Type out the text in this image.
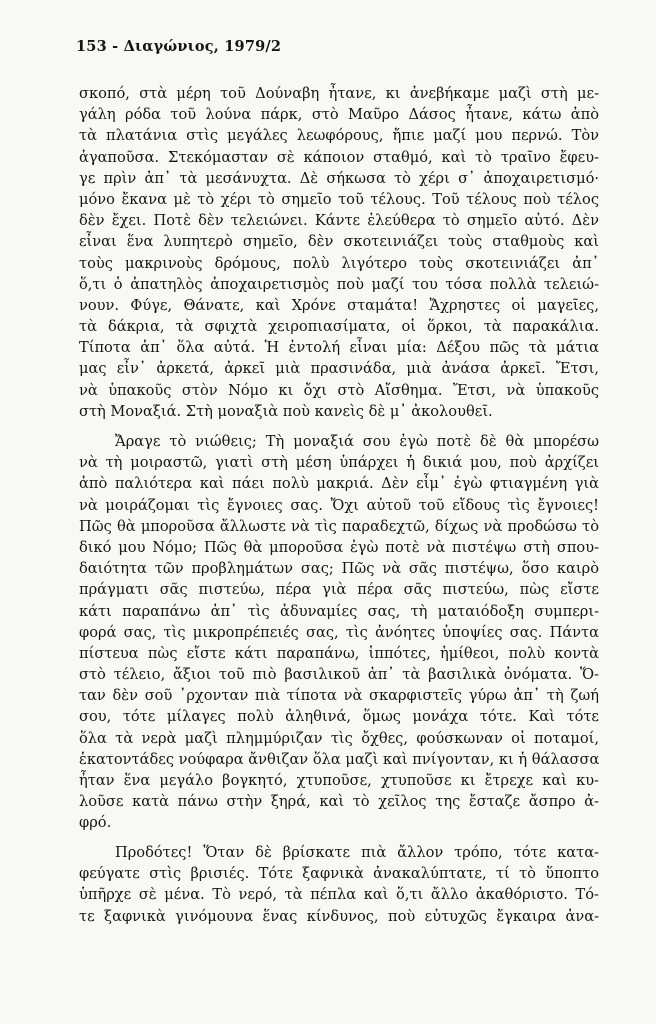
153 - Διαγώνιος, 1979/2
σκοπό, στὰ μέρη τοῦ Δούναβη ἦτανε, κι ἀνεβήκαμε μαζὶ στὴ με-
γάλη ρόδα τοῦ λούνα πάρκ, στὸ Μαῦρο Δάσος ἦτανε, κάτω ἀπὸ
τὰ πλατάνια στὶς μεγάλες λεωφόρους, ἤπιε μαζί μου περνώ. Τὸν
ἀγαποῦσα. Στεκόμασταν σὲ κάποιον σταθμό, καὶ τὸ τραῖνο ἔφευ-
γε πρὶν ἀπ᾿ τὰ μεσάνυχτα. Δὲ σήκωσα τὸ χέρι σ᾿ ἀποχαιρετισμό·
μόνο ἔκανα μὲ τὸ χέρι τὸ σημεῖο τοῦ τέλους. Τοῦ τέλους ποὺ τέλος
δὲν ἔχει. Ποτὲ δὲν τελειώνει. Κάντε ἐλεύθερα τὸ σημεῖο αὐτό. Δὲν
εἶναι ἕνα λυπητερὸ σημεῖο, δὲν σκοτεινιάζει τοὺς σταθμοὺς καὶ
τοὺς μακρινοὺς δρόμους, πολὺ λιγότερο τοὺς σκοτεινιάζει ἀπ᾿
ὅ,τι ὁ ἀπατηλὸς ἀποχαιρετισμὸς ποὺ μαζί του τόσα πολλὰ τελειώ-
νουν. Φύγε, Θάνατε, καὶ Χρόνε σταμάτα! Ἄχρηστες οἱ μαγεῖες,
τὰ δάκρια, τὰ σφιχτὰ χειροπιασίματα, οἱ ὅρκοι, τὰ παρακάλια.
Τίποτα ἀπ᾿ ὅλα αὐτά. Ἡ ἐντολή εἶναι μία: Δέξου πῶς τὰ μάτια
μας εἶν᾿ ἀρκετά, ἀρκεῖ μιὰ πρασινάδα, μιὰ ἀνάσα ἀρκεῖ. Ἔτσι,
νὰ ὑπακοῦς στὸν Νόμο κι ὄχι στὸ Αἴσθημα. Ἔτσι, νὰ ὑπακοῦς
στὴ Μοναξιά. Στὴ μοναξιὰ ποὺ κανεὶς δὲ μ᾿ ἀκολουθεῖ.
Ἄραγε τὸ νιώθεις; Τὴ μοναξιά σου ἐγὼ ποτὲ δὲ θὰ μπορέσω
νὰ τὴ μοιραστῶ, γιατὶ στὴ μέση ὑπάρχει ἡ δικιά μου, ποὺ ἀρχίζει
ἀπὸ παλιότερα καὶ πάει πολὺ μακριά. Δὲν εἶμ᾿ ἐγὼ φτιαγμένη γιὰ
νὰ μοιράζομαι τὶς ἔγνοιες σας. Ὄχι αὐτοῦ τοῦ εἴδους τὶς ἔγνοιες!
Πῶς θὰ μποροῦσα ἄλλωστε νὰ τὶς παραδεχτῶ, δίχως νὰ προδώσω τὸ
δικό μου Νόμο; Πῶς θὰ μποροῦσα ἐγὼ ποτὲ νὰ πιστέψω στὴ σπου-
δαιότητα τῶν προβλημάτων σας; Πῶς νὰ σᾶς πιστέψω, ὅσο καιρὸ
πράγματι σᾶς πιστεύω, πέρα γιὰ πέρα σᾶς πιστεύω, πὼς εἴστε
κάτι παραπάνω ἀπ᾿ τὶς ἀδυναμίες σας, τὴ ματαιόδοξη συμπερι-
φορά σας, τὶς μικροπρέπειές σας, τὶς ἀνόητες ὑποψίες σας. Πάντα
πίστευα πὼς εἴστε κάτι παραπάνω, ἱππότες, ἡμίθεοι, πολὺ κοντὰ
στὸ τέλειο, ἄξιοι τοῦ πιὸ βασιλικοῦ ἀπ᾿ τὰ βασιλικὰ ὀνόματα. Ὅ-
ταν δὲν σοῦ ᾿ρχονταν πιὰ τίποτα νὰ σκαρφιστεῖς γύρω ἀπ᾿ τὴ ζωή
σου, τότε μίλαγες πολὺ ἀληθινά, ὅμως μονάχα τότε. Καὶ τότε
ὅλα τὰ νερὰ μαζὶ πλημμύριζαν τὶς ὄχθες, φούσκωναν οἱ ποταμοί,
ἑκατοντάδες νούφαρα ἄνθιζαν ὅλα μαζὶ καὶ πνίγονταν, κι ἡ θάλασσα
ἦταν ἕνα μεγάλο βογκητό, χτυποῦσε, χτυποῦσε κι ἔτρεχε καὶ κυ-
λοῦσε κατὰ πάνω στὴν ξηρά, καὶ τὸ χεῖλος της ἔσταζε ἄσπρο ἀ-
φρό.
Προδότες! Ὅταν δὲ βρίσκατε πιὰ ἄλλον τρόπο, τότε κατα-
φεύγατε στὶς βρισιές. Τότε ξαφνικὰ ἀνακαλύπτατε, τί τὸ ὕποπτο
ὑπῆρχε σὲ μένα. Τὸ νερό, τὰ πέπλα καὶ ὅ,τι ἄλλο ἀκαθόριστο. Τό-
τε ξαφνικὰ γινόμουνα ἕνας κίνδυνος, ποὺ εὐτυχῶς ἔγκαιρα ἀνα-
